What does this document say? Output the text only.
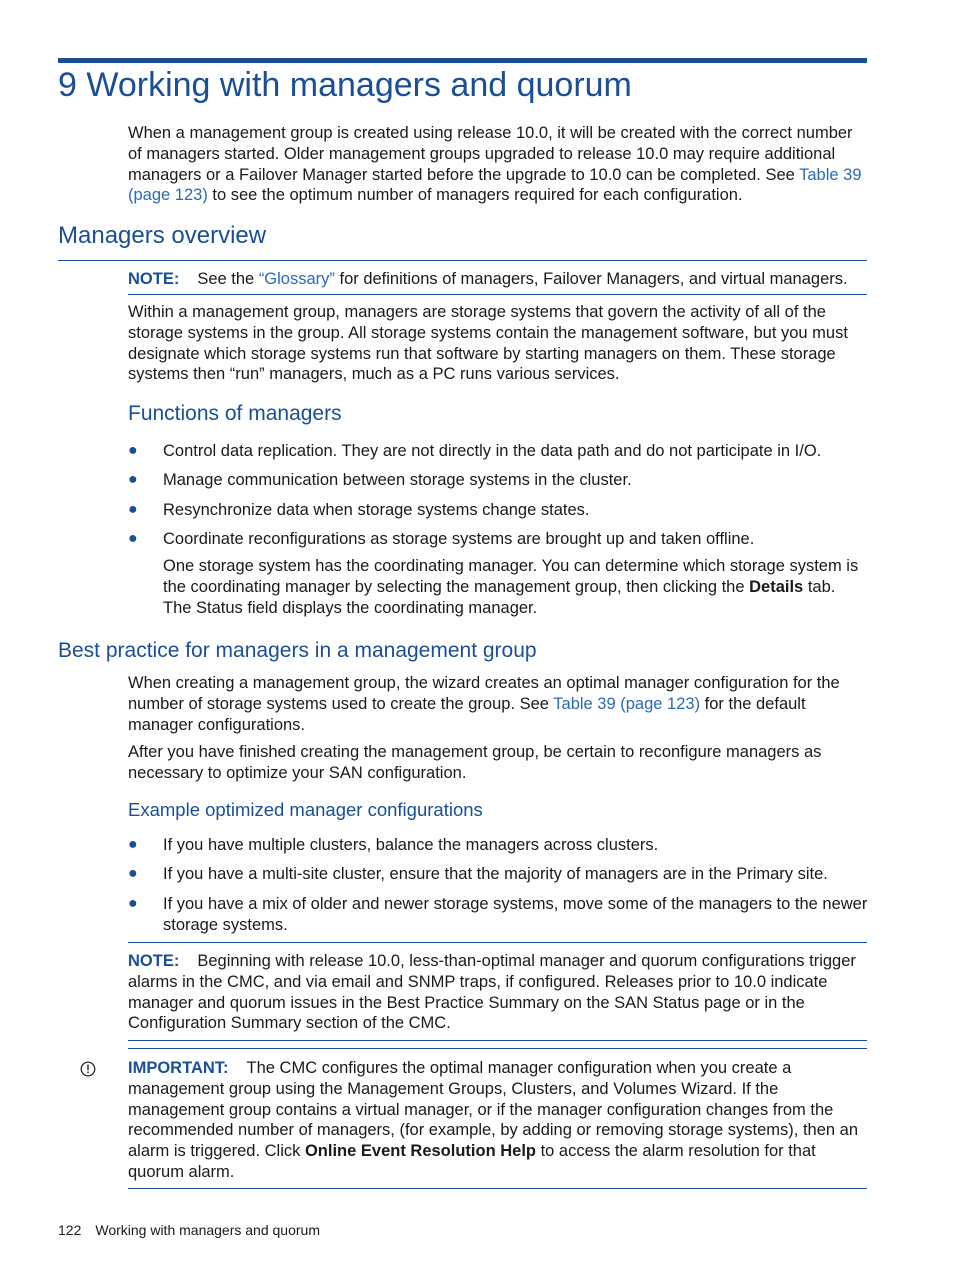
9 Working with managers and quorum
When a management group is created using release 10.0, it will be created with the correct number of managers started. Older management groups upgraded to release 10.0 may require additional managers or a Failover Manager started before the upgrade to 10.0 can be completed. See Table 39 (page 123) to see the optimum number of managers required for each configuration.
Managers overview
NOTE: See the “Glossary” for definitions of managers, Failover Managers, and virtual managers.
Within a management group, managers are storage systems that govern the activity of all of the storage systems in the group. All storage systems contain the management software, but you must designate which storage systems run that software by starting managers on them. These storage systems then “run” managers, much as a PC runs various services.
Functions of managers
● Control data replication. They are not directly in the data path and do not participate in I/O.
● Manage communication between storage systems in the cluster.
● Resynchronize data when storage systems change states.
● Coordinate reconfigurations as storage systems are brought up and taken offline.
One storage system has the coordinating manager. You can determine which storage system is the coordinating manager by selecting the management group, then clicking the Details tab. The Status field displays the coordinating manager.
Best practice for managers in a management group
When creating a management group, the wizard creates an optimal manager configuration for the number of storage systems used to create the group. See Table 39 (page 123) for the default manager configurations.
After you have finished creating the management group, be certain to reconfigure managers as necessary to optimize your SAN configuration.
Example optimized manager configurations
● If you have multiple clusters, balance the managers across clusters.
● If you have a multi-site cluster, ensure that the majority of managers are in the Primary site.
● If you have a mix of older and newer storage systems, move some of the managers to the newer storage systems.
NOTE: Beginning with release 10.0, less-than-optimal manager and quorum configurations trigger alarms in the CMC, and via email and SNMP traps, if configured. Releases prior to 10.0 indicate manager and quorum issues in the Best Practice Summary on the SAN Status page or in the Configuration Summary section of the CMC.
IMPORTANT: The CMC configures the optimal manager configuration when you create a management group using the Management Groups, Clusters, and Volumes Wizard. If the management group contains a virtual manager, or if the manager configuration changes from the recommended number of managers, (for example, by adding or removing storage systems), then an alarm is triggered. Click Online Event Resolution Help to access the alarm resolution for that quorum alarm.
122 Working with managers and quorum
